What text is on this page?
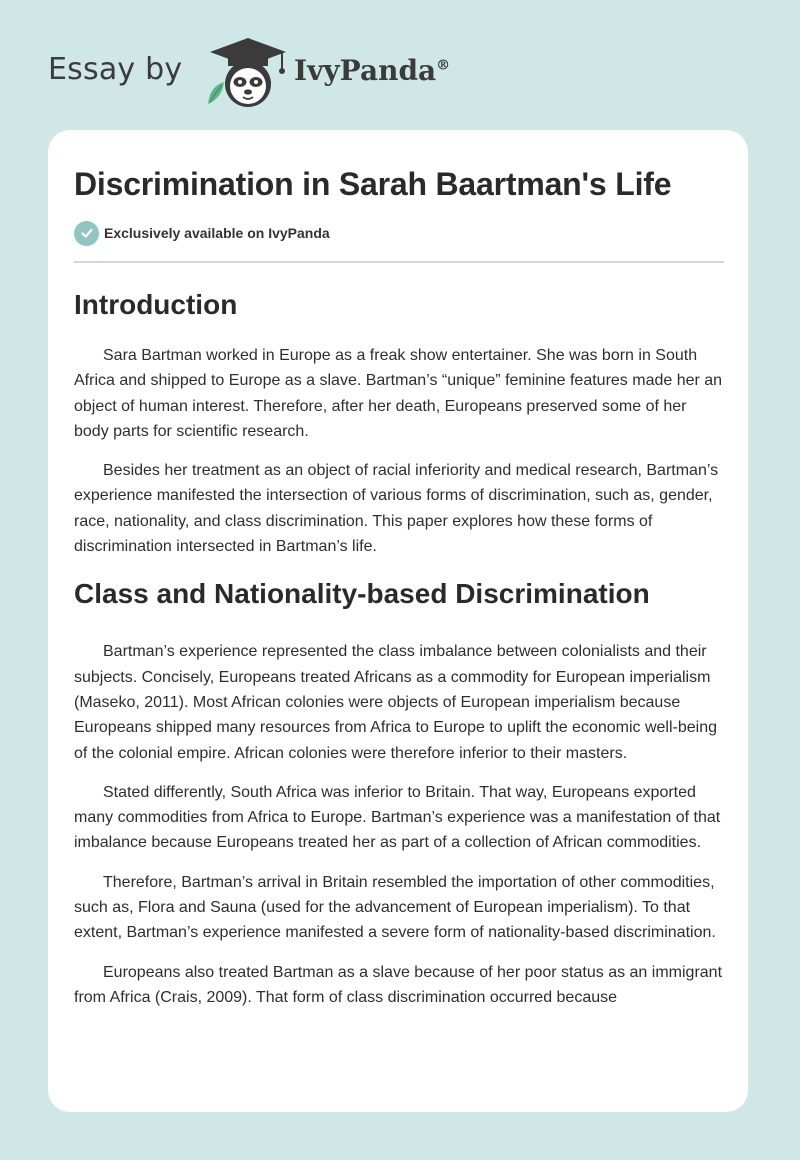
Essay by	IvyPanda®
Discrimination in Sarah Baartman's Life
Exclusively available on IvyPanda
Introduction

Sara Bartman worked in Europe as a freak show entertainer. She was born in South Africa and shipped to Europe as a slave. Bartman’s “unique” feminine features made her an object of human interest. Therefore, after her death, Europeans preserved some of her body parts for scientific research.

Besides her treatment as an object of racial inferiority and medical research, Bartman’s experience manifested the intersection of various forms of discrimination, such as, gender, race, nationality, and class discrimination. This paper explores how these forms of discrimination intersected in Bartman’s life.

Class and Nationality-based Discrimination

Bartman’s experience represented the class imbalance between colonialists and their subjects. Concisely, Europeans treated Africans as a commodity for European imperialism (Maseko, 2011). Most African colonies were objects of European imperialism because Europeans shipped many resources from Africa to Europe to uplift the economic well-being of the colonial empire. African colonies were therefore inferior to their masters.

Stated differently, South Africa was inferior to Britain. That way, Europeans exported many commodities from Africa to Europe. Bartman’s experience was a manifestation of that imbalance because Europeans treated her as part of a collection of African commodities.

Therefore, Bartman’s arrival in Britain resembled the importation of other commodities, such as, Flora and Sauna (used for the advancement of European imperialism). To that extent, Bartman’s experience manifested a severe form of nationality-based discrimination.

Europeans also treated Bartman as a slave because of her poor status as an immigrant from Africa (Crais, 2009). That form of class discrimination occurred because
